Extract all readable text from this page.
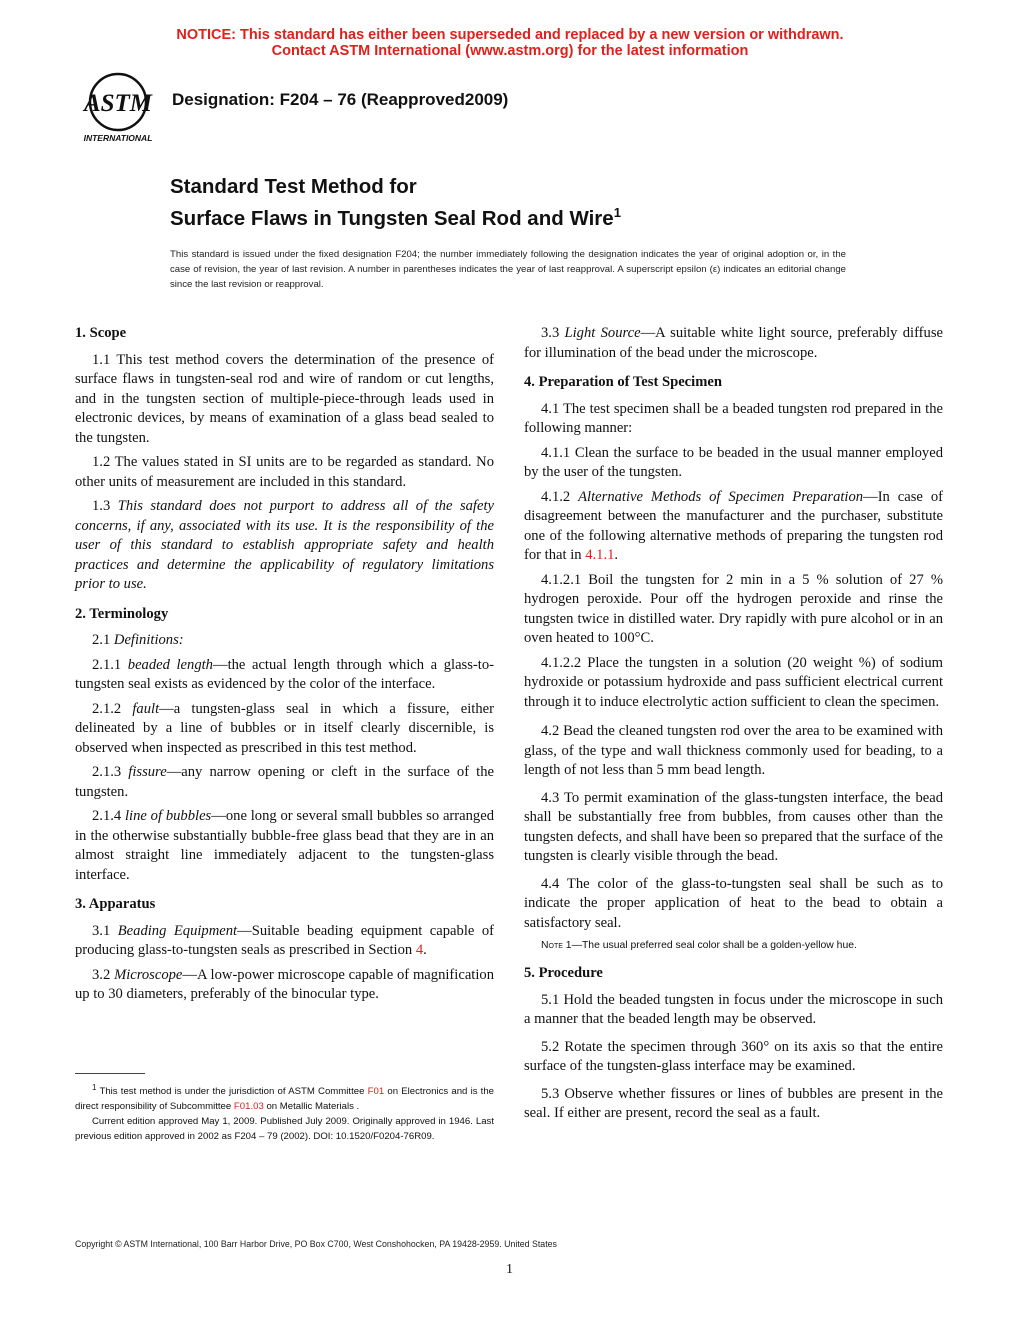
NOTICE: This standard has either been superseded and replaced by a new version or withdrawn.
Contact ASTM International (www.astm.org) for the latest information
ASTM
INTERNATIONAL
Designation: F204 – 76 (Reapproved2009)
Standard Test Method for
Surface Flaws in Tungsten Seal Rod and Wire$^1$
This standard is issued under the fixed designation F204; the number immediately following the designation indicates the year of original adoption or, in the case of revision, the year of last revision. A number in parentheses indicates the year of last reapproval. A superscript epsilon (ε) indicates an editorial change since the last revision or reapproval.
1. Scope

1.1 This test method covers the determination of the presence of surface flaws in tungsten-seal rod and wire of random or cut lengths, and in the tungsten section of multiple-piece-through leads used in electronic devices, by means of examination of a glass bead sealed to the tungsten.

1.2 The values stated in SI units are to be regarded as standard. No other units of measurement are included in this standard.

1.3 This standard does not purport to address all of the safety concerns, if any, associated with its use. It is the responsibility of the user of this standard to establish appropriate safety and health practices and determine the applicability of regulatory limitations prior to use.

2. Terminology

2.1 Definitions:

2.1.1 beaded length—the actual length through which a glass-to-tungsten seal exists as evidenced by the color of the interface.

2.1.2 fault—a tungsten-glass seal in which a fissure, either delineated by a line of bubbles or in itself clearly discernible, is observed when inspected as prescribed in this test method.

2.1.3 fissure—any narrow opening or cleft in the surface of the tungsten.

2.1.4 line of bubbles—one long or several small bubbles so arranged in the otherwise substantially bubble-free glass bead that they are in an almost straight line immediately adjacent to the tungsten-glass interface.

3. Apparatus

3.1 Beading Equipment—Suitable beading equipment capable of producing glass-to-tungsten seals as prescribed in Section 4.

3.2 Microscope—A low-power microscope capable of magnification up to 30 diameters, preferably of the binocular type.

$^1$ This test method is under the jurisdiction of ASTM Committee F01 on Electronics and is the direct responsibility of Subcommittee F01.03 on Metallic Materials .

Current edition approved May 1, 2009. Published July 2009. Originally approved in 1946. Last previous edition approved in 2002 as F204 – 79 (2002). DOI: 10.1520/F0204-76R09.

3.3 Light Source—A suitable white light source, preferably diffuse for illumination of the bead under the microscope.

4. Preparation of Test Specimen

4.1 The test specimen shall be a beaded tungsten rod prepared in the following manner:

4.1.1 Clean the surface to be beaded in the usual manner employed by the user of the tungsten.

4.1.2 Alternative Methods of Specimen Preparation—In case of disagreement between the manufacturer and the purchaser, substitute one of the following alternative methods of preparing the tungsten rod for that in 4.1.1.

4.1.2.1 Boil the tungsten for 2 min in a 5 % solution of 27 % hydrogen peroxide. Pour off the hydrogen peroxide and rinse the tungsten twice in distilled water. Dry rapidly with pure alcohol or in an oven heated to 100°C.

4.1.2.2 Place the tungsten in a solution (20 weight %) of sodium hydroxide or potassium hydroxide and pass sufficient electrical current through it to induce electrolytic action sufficient to clean the specimen.

4.2 Bead the cleaned tungsten rod over the area to be examined with glass, of the type and wall thickness commonly used for beading, to a length of not less than 5 mm bead length.

4.3 To permit examination of the glass-tungsten interface, the bead shall be substantially free from bubbles, from causes other than the tungsten defects, and shall have been so prepared that the surface of the tungsten is clearly visible through the bead.

4.4 The color of the glass-to-tungsten seal shall be such as to indicate the proper application of heat to the bead to obtain a satisfactory seal.

Note 1—The usual preferred seal color shall be a golden-yellow hue.
5. Procedure

5.1 Hold the beaded tungsten in focus under the microscope in such a manner that the beaded length may be observed.

5.2 Rotate the specimen through 360° on its axis so that the entire surface of the tungsten-glass interface may be examined.

5.3 Observe whether fissures or lines of bubbles are present in the seal. If either are present, record the seal as a fault.

Copyright © ASTM International, 100 Barr Harbor Drive, PO Box C700, West Conshohocken, PA 19428-2959. United States
1
